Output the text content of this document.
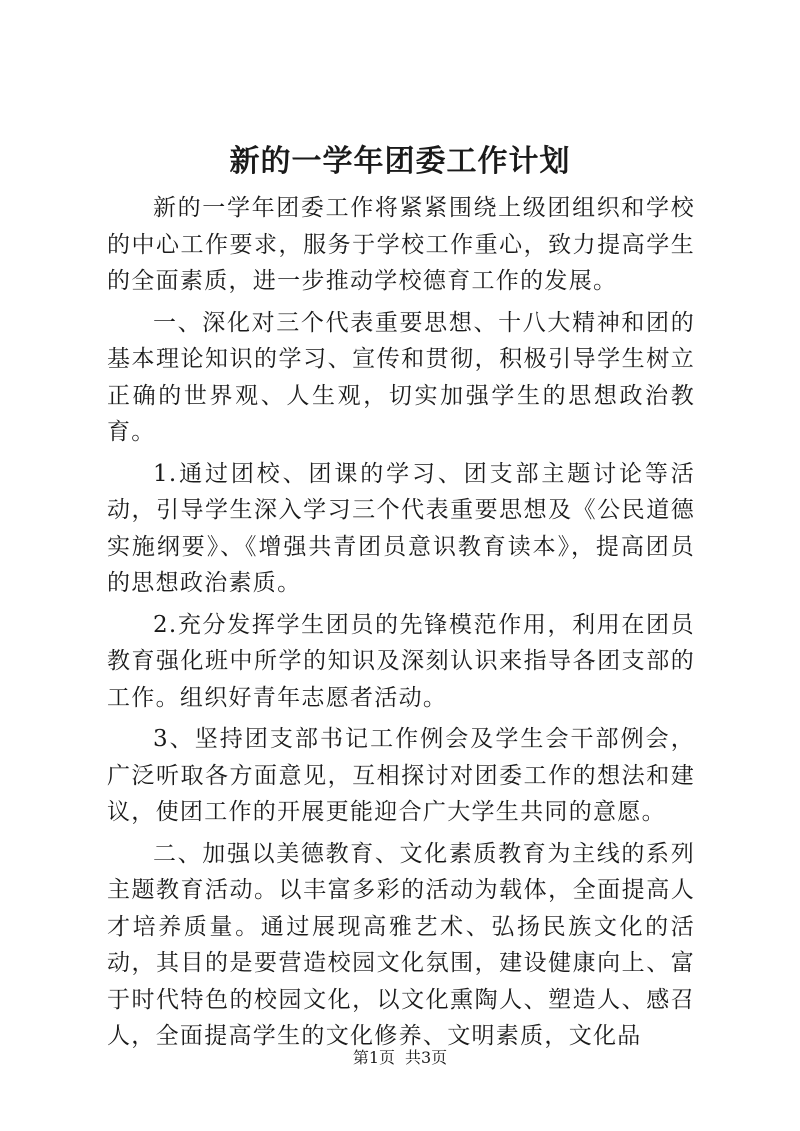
新的一学年团委工作计划

新的一学年团委工作将紧紧围绕上级团组织和学校的中心工作要求，服务于学校工作重心，致力提高学生的全面素质，进一步推动学校德育工作的发展。

一、深化对三个代表重要思想、十八大精神和团的基本理论知识的学习、宣传和贯彻，积极引导学生树立正确的世界观、人生观，切实加强学生的思想政治教育。

1.通过团校、团课的学习、团支部主题讨论等活动，引导学生深入学习三个代表重要思想及《公民道德实施纲要》、《增强共青团员意识教育读本》，提高团员的思想政治素质。

2.充分发挥学生团员的先锋模范作用，利用在团员教育强化班中所学的知识及深刻认识来指导各团支部的工作。组织好青年志愿者活动。

3、坚持团支部书记工作例会及学生会干部例会，广泛听取各方面意见，互相探讨对团委工作的想法和建议，使团工作的开展更能迎合广大学生共同的意愿。

二、加强以美德教育、文化素质教育为主线的系列主题教育活动。以丰富多彩的活动为载体，全面提高人才培养质量。通过展现高雅艺术、弘扬民族文化的活动，其目的是要营造校园文化氛围，建设健康向上、富于时代特色的校园文化，以文化熏陶人、塑造人、感召人，全面提高学生的文化修养、文明素质，文化品

第1页 共3页
